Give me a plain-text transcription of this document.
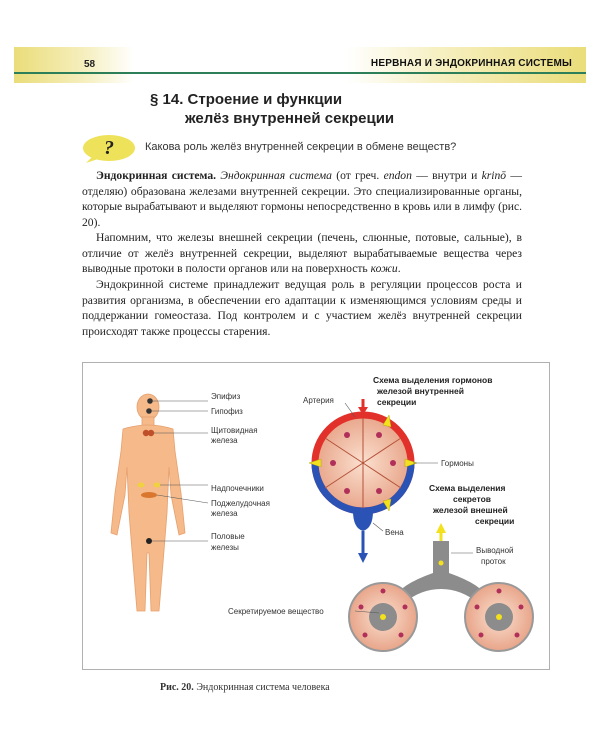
58	НЕРВНАЯ И ЭНДОКРИННАЯ СИСТЕМЫ
§ 14. Строение и функции
желёз внутренней секреции
?	Какова роль желёз внутренней секреции в обмене веществ?

Эндокринная система. Эндокринная система (от греч. endon — внутри и krinō — отделяю) образована железами внутренней секреции. Это специализированные органы, которые вырабатывают и выделяют гормоны непосредственно в кровь или в лимфу (рис. 20).

Напомним, что железы внешней секреции (печень, слюнные, потовые, сальные), в отличие от желёз внутренней секреции, выделяют вырабатываемые вещества через выводные протоки в полости органов или на поверхность кожи.

Эндокринной системе принадлежит ведущая роль в регуляции процессов роста и развития организма, в обеспечении его адаптации к изменяющимся условиям среды и поддержании гомеостаза. Под контролем и с участием желёз внутренней секреции происходят также процессы старения.

Эпифиз
Гипофиз
Щитовидная
железа
Надпочечники
Поджелудочная
железа
Половые
железы
Артерия
Гормоны
Вена
Схема выделения гормонов
железой внутренней
секреции
Выводной
проток
Секретируемое вещество
Схема выделения
секретов
железой внешней
секреции
Рис. 20. Эндокринная система человека
